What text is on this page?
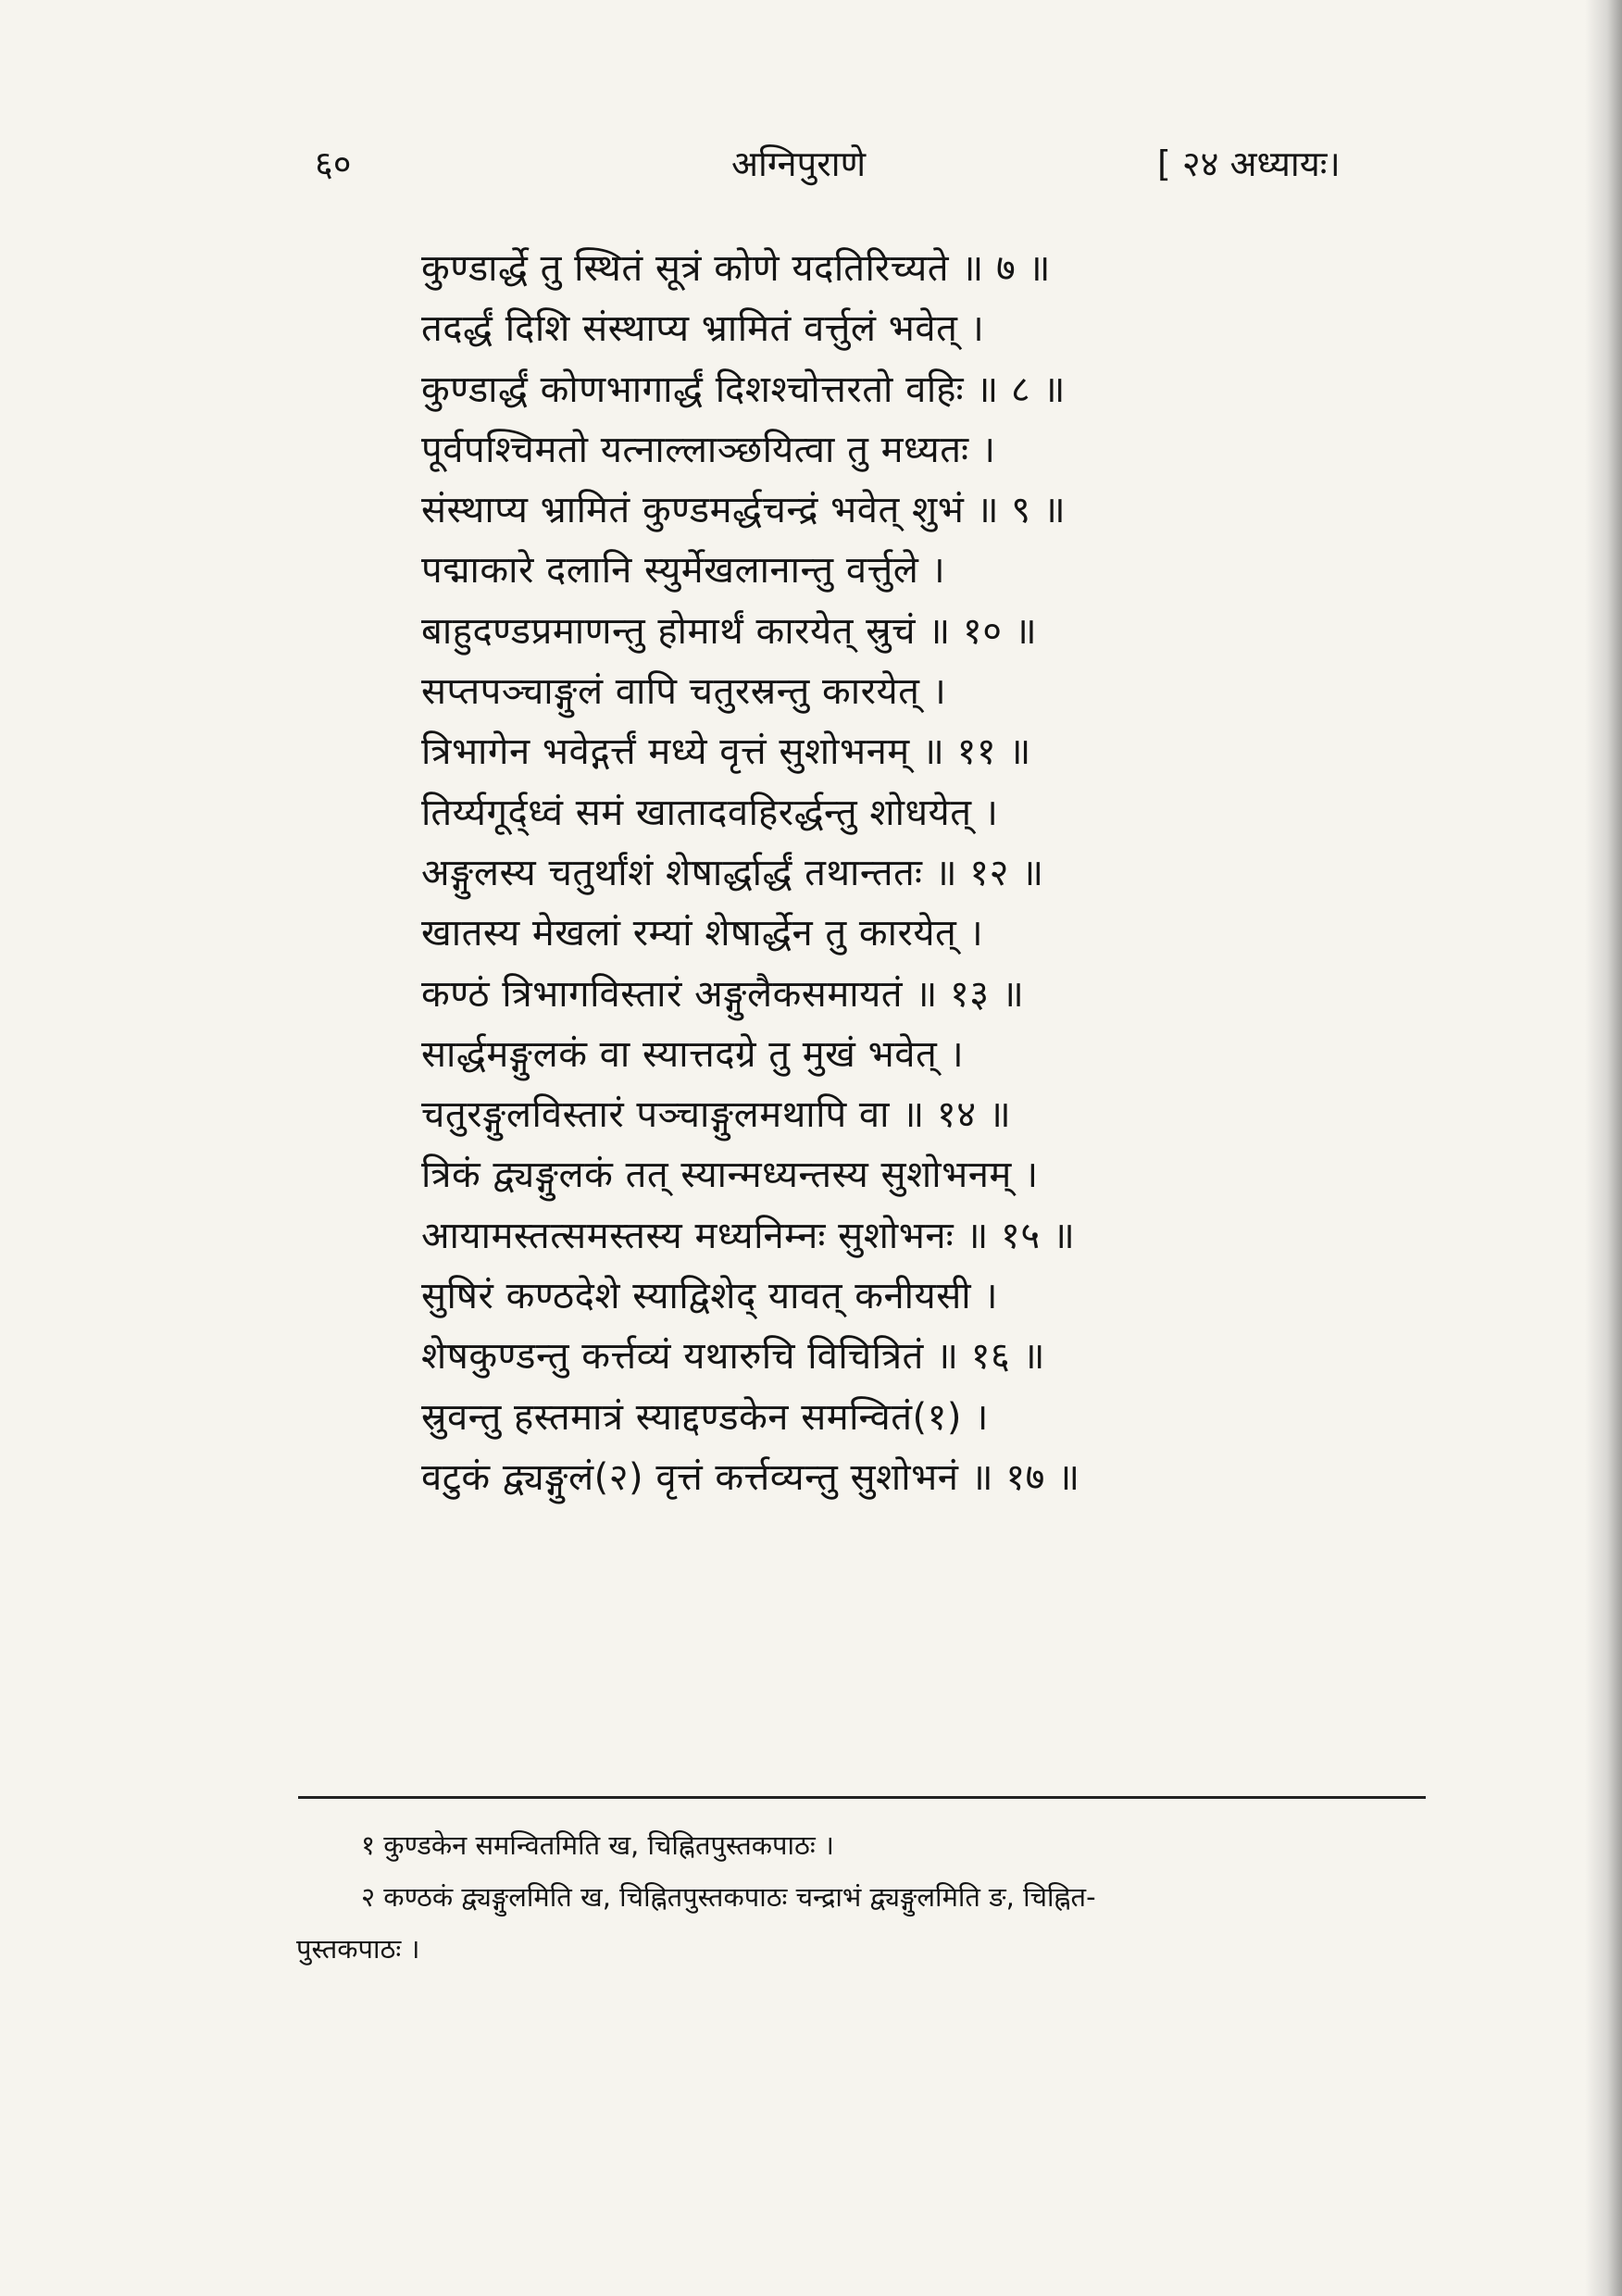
६०	अग्निपुराणे	[ २४ अध्यायः।
कुण्डार्द्धे तु स्थितं सूत्रं कोणे यदतिरिच्यते ॥ ७ ॥
तदर्द्धं दिशि संस्थाप्य भ्रामितं वर्त्तुलं भवेत् ।
कुण्डार्द्धं कोणभागार्द्धं दिशश्चोत्तरतो वहिः ॥ ८ ॥
पूर्वपश्चिमतो यत्नाल्लाञ्छयित्वा तु मध्यतः ।
संस्थाप्य भ्रामितं कुण्डमर्द्धचन्द्रं भवेत् शुभं ॥ ९ ॥
पद्माकारे दलानि स्युर्मेखलानान्तु वर्त्तुले ।
बाहुदण्डप्रमाणन्तु होमार्थं कारयेत् स्रुचं ॥ १० ॥
सप्तपञ्चाङ्गुलं वापि चतुरस्रन्तु कारयेत् ।
त्रिभागेन भवेद्गर्त्तं मध्ये वृत्तं सुशोभनम् ॥ ११ ॥
तिर्य्यगूर्द्ध्वं समं खातादवहिरर्द्धन्तु शोधयेत् ।
अङ्गुलस्य चतुर्थांशं शेषार्द्धार्द्धं तथान्ततः ॥ १२ ॥
खातस्य मेखलां रम्यां शेषार्द्धेन तु कारयेत् ।
कण्ठं त्रिभागविस्तारं अङ्गुलैकसमायतं ॥ १३ ॥
सार्द्धमङ्गुलकं वा स्यात्तदग्रे तु मुखं भवेत् ।
चतुरङ्गुलविस्तारं पञ्चाङ्गुलमथापि वा ॥ १४ ॥
त्रिकं द्व्यङ्गुलकं तत् स्यान्मध्यन्तस्य सुशोभनम् ।
आयामस्तत्समस्तस्य मध्यनिम्नः सुशोभनः ॥ १५ ॥
सुषिरं कण्ठदेशे स्याद्विशेद् यावत् कनीयसी ।
शेषकुण्डन्तु कर्त्तव्यं यथारुचि विचित्रितं ॥ १६ ॥
स्रुवन्तु हस्तमात्रं स्याद्दण्डकेन समन्वितं(१) ।
वटुकं द्व्यङ्गुलं(२) वृत्तं कर्त्तव्यन्तु सुशोभनं ॥ १७ ॥
१ कुण्डकेन समन्वितमिति ख, चिह्नितपुस्तकपाठः ।
२ कण्ठकं द्व्यङ्गुलमिति ख, चिह्नितपुस्तकपाठः चन्द्राभं द्व्यङ्गुलमिति ङ, चिह्नित-
पुस्तकपाठः ।
